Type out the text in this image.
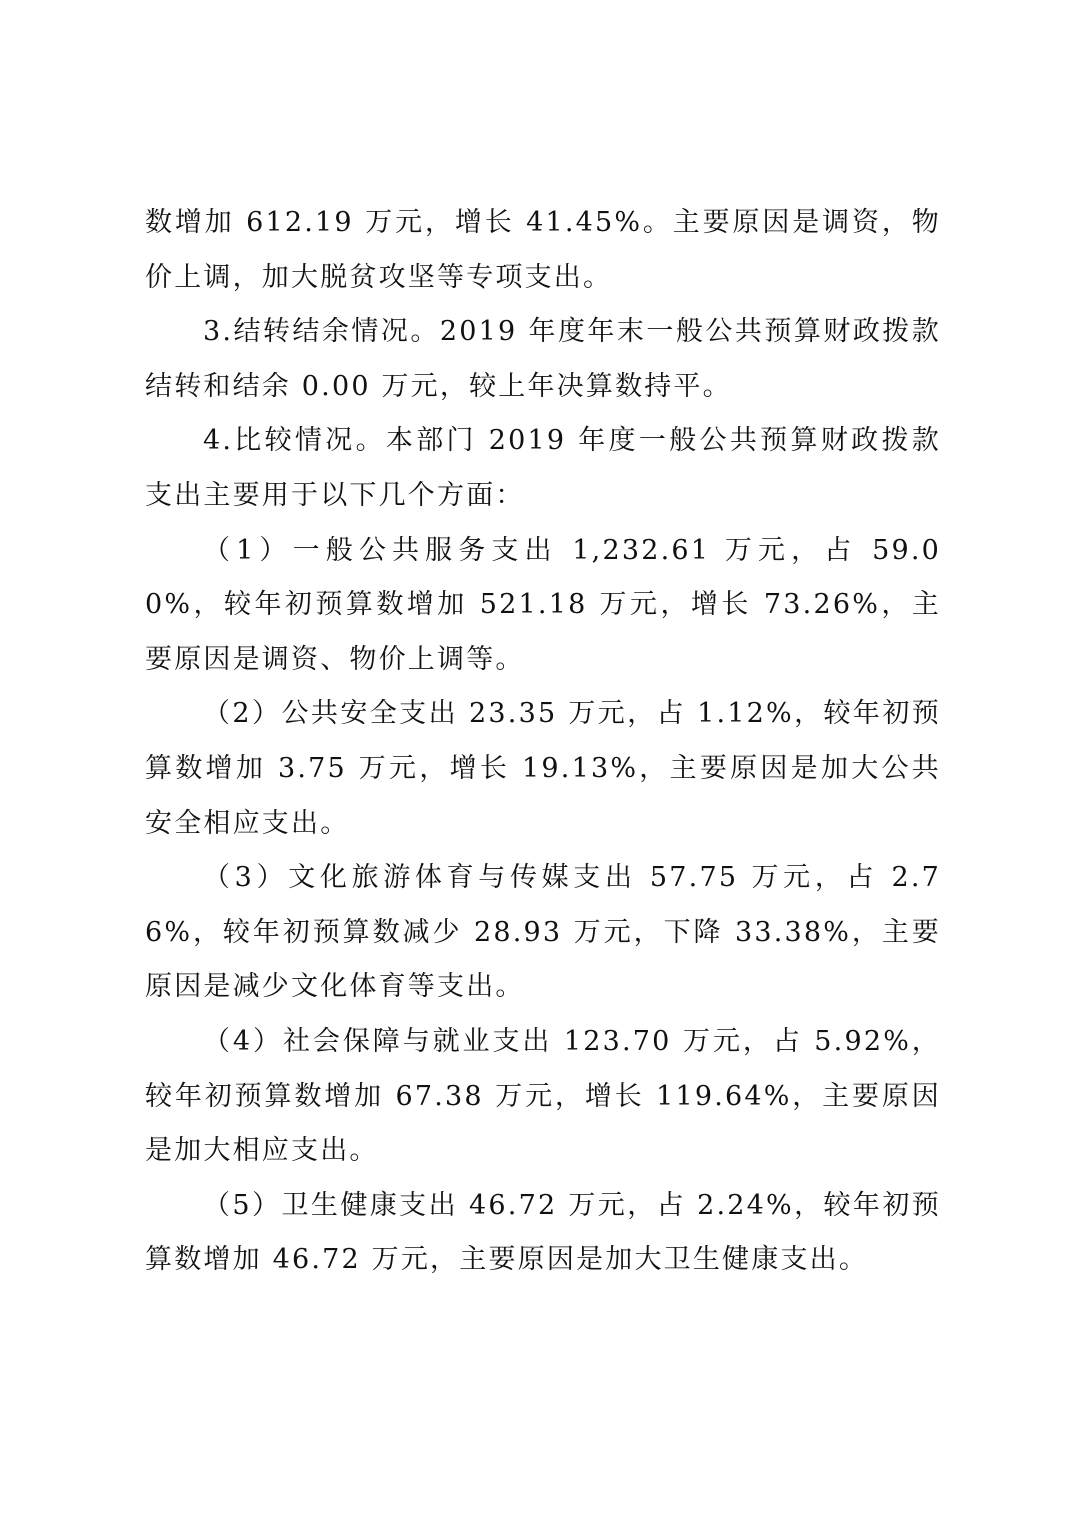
数增加 612.19 万元，增长 41.45%。主要原因是调资，物价上调，加大脱贫攻坚等专项支出。

3.结转结余情况。2019 年度年末一般公共预算财政拨款结转和结余 0.00 万元，较上年决算数持平。

4.比较情况。本部门 2019 年度一般公共预算财政拨款支出主要用于以下几个方面：

（1）一般公共服务支出 1,232.61 万元，占 59.00%，较年初预算数增加 521.18 万元，增长 73.26%，主要原因是调资、物价上调等。

（2）公共安全支出 23.35 万元，占 1.12%，较年初预算数增加 3.75 万元，增长 19.13%，主要原因是加大公共安全相应支出。

（3）文化旅游体育与传媒支出 57.75 万元，占 2.76%，较年初预算数减少 28.93 万元，下降 33.38%，主要原因是减少文化体育等支出。

（4）社会保障与就业支出 123.70 万元，占 5.92%，较年初预算数增加 67.38 万元，增长 119.64%，主要原因是加大相应支出。

（5）卫生健康支出 46.72 万元，占 2.24%，较年初预算数增加 46.72 万元，主要原因是加大卫生健康支出。
